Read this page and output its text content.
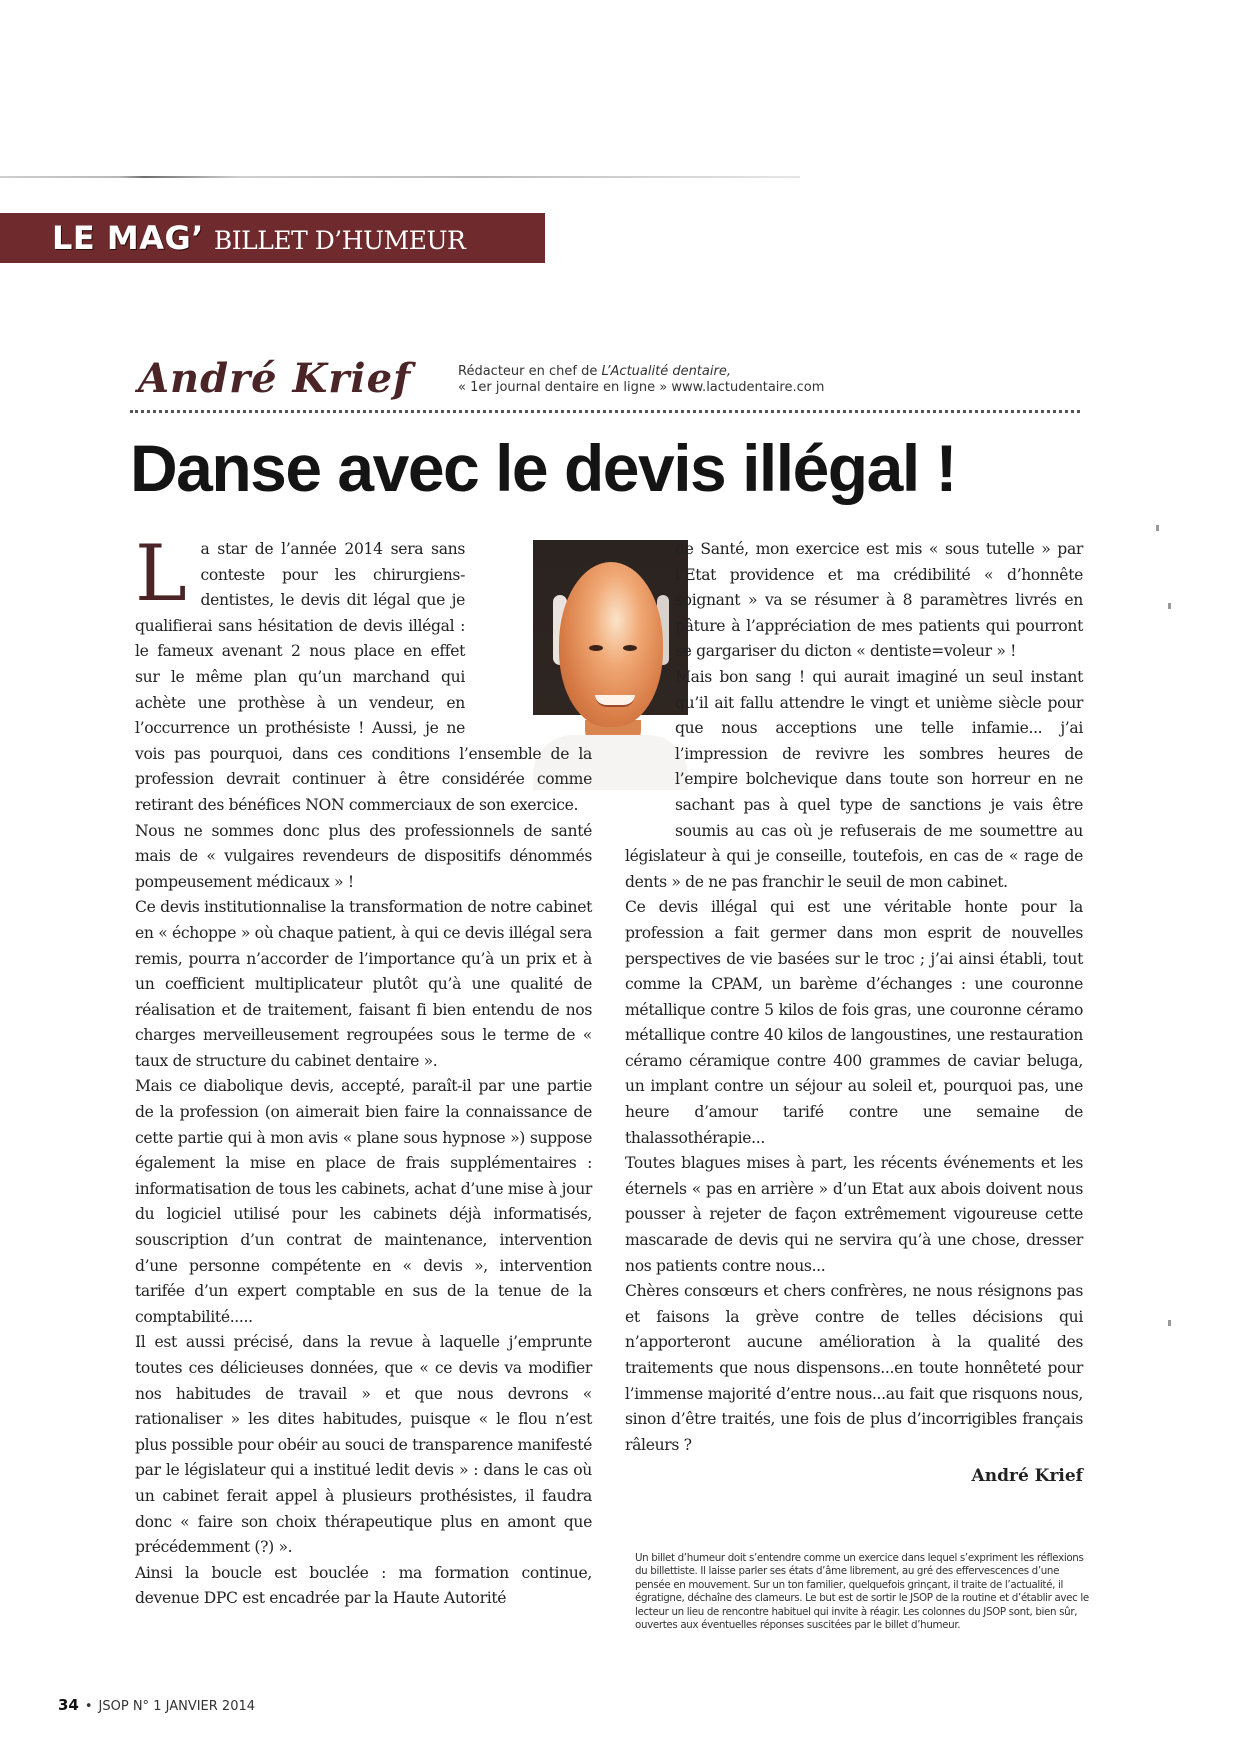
LE MAG’ BILLET D’HUMEUR
André Krief	Rédacteur en chef de L’Actualité dentaire,
« 1er journal dentaire en ligne » www.lactudentaire.com
Danse avec le devis illégal !

La star de l’année 2014 sera sans conteste pour les chirurgiens-dentistes, le devis dit légal que je qualifierai sans hésitation de devis illégal : le fameux avenant 2 nous place en effet sur le même plan qu’un marchand qui achète une prothèse à un vendeur, en l’occurrence un prothésiste ! Aussi, je ne vois pas pourquoi, dans ces conditions l’ensemble de la profession devrait continuer à être considérée comme retirant des bénéfices NON commerciaux de son exercice.

Nous ne sommes donc plus des professionnels de santé mais de « vulgaires revendeurs de dispositifs dénommés pompeusement médicaux » !

Ce devis institutionnalise la transformation de notre cabinet en « échoppe » où chaque patient, à qui ce devis illégal sera remis, pourra n’accorder de l’importance qu’à un prix et à un coefficient multiplicateur plutôt qu’à une qualité de réalisation et de traitement, faisant fi bien entendu de nos charges merveilleusement regroupées sous le terme de « taux de structure du cabinet dentaire ».

Mais ce diabolique devis, accepté, paraît-il par une partie de la profession (on aimerait bien faire la connaissance de cette partie qui à mon avis « plane sous hypnose ») suppose également la mise en place de frais supplémentaires : informatisation de tous les cabinets, achat d’une mise à jour du logiciel utilisé pour les cabinets déjà informatisés, souscription d’un contrat de maintenance, intervention d’une personne compétente en « devis », intervention tarifée d’un expert comptable en sus de la tenue de la comptabilité.....

Il est aussi précisé, dans la revue à laquelle j’emprunte toutes ces délicieuses données, que « ce devis va modifier nos habitudes de travail » et que nous devrons « rationaliser » les dites habitudes, puisque « le flou n’est plus possible pour obéir au souci de transparence manifesté par le législateur qui a institué ledit devis » : dans le cas où un cabinet ferait appel à plusieurs prothésistes, il faudra donc « faire son choix thérapeutique plus en amont que précédemment (?) ».

Ainsi la boucle est bouclée : ma formation continue, devenue DPC est encadrée par la Haute Autorité

de Santé, mon exercice est mis « sous tutelle » par l’Etat providence et ma crédibilité « d’honnête soignant » va se résumer à 8 paramètres livrés en pâture à l’appréciation de mes patients qui pourront se gargariser du dicton « dentiste=voleur » !

Mais bon sang ! qui aurait imaginé un seul instant qu’il ait fallu attendre le vingt et unième siècle pour que nous acceptions une telle infamie... j’ai l’impression de revivre les sombres heures de l’empire bolchevique dans toute son horreur en ne sachant pas à quel type de sanctions je vais être soumis au cas où je refuserais de me soumettre au législateur à qui je conseille, toutefois, en cas de « rage de dents » de ne pas franchir le seuil de mon cabinet.

Ce devis illégal qui est une véritable honte pour la profession a fait germer dans mon esprit de nouvelles perspectives de vie basées sur le troc ; j’ai ainsi établi, tout comme la CPAM, un barème d’échanges : une couronne métallique contre 5 kilos de fois gras, une couronne céramo métallique contre 40 kilos de langoustines, une restauration céramo céramique contre 400 grammes de caviar beluga, un implant contre un séjour au soleil et, pourquoi pas, une heure d’amour tarifé contre une semaine de thalassothérapie...

Toutes blagues mises à part, les récents événements et les éternels « pas en arrière » d’un Etat aux abois doivent nous pousser à rejeter de façon extrêmement vigoureuse cette mascarade de devis qui ne servira qu’à une chose, dresser nos patients contre nous...

Chères consœurs et chers confrères, ne nous résignons pas et faisons la grève contre de telles décisions qui n’apporteront aucune amélioration à la qualité des traitements que nous dispensons...en toute honnêteté pour l’immense majorité d’entre nous...au fait que risquons nous, sinon d’être traités, une fois de plus d’incorrigibles français râleurs ?

André Krief
Un billet d’humeur doit s’entendre comme un exercice dans lequel s’expriment les réflexions du billettiste. Il laisse parler ses états d’âme librement, au gré des effervescences d’une pensée en mouvement. Sur un ton familier, quelquefois grinçant, il traite de l’actualité, il égratigne, déchaîne des clameurs. Le but est de sortir le JSOP de la routine et d’établir avec le lecteur un lieu de rencontre habituel qui invite à réagir. Les colonnes du JSOP sont, bien sûr, ouvertes aux éventuelles réponses suscitées par le billet d’humeur.
34 • JSOP N° 1 JANVIER 2014
